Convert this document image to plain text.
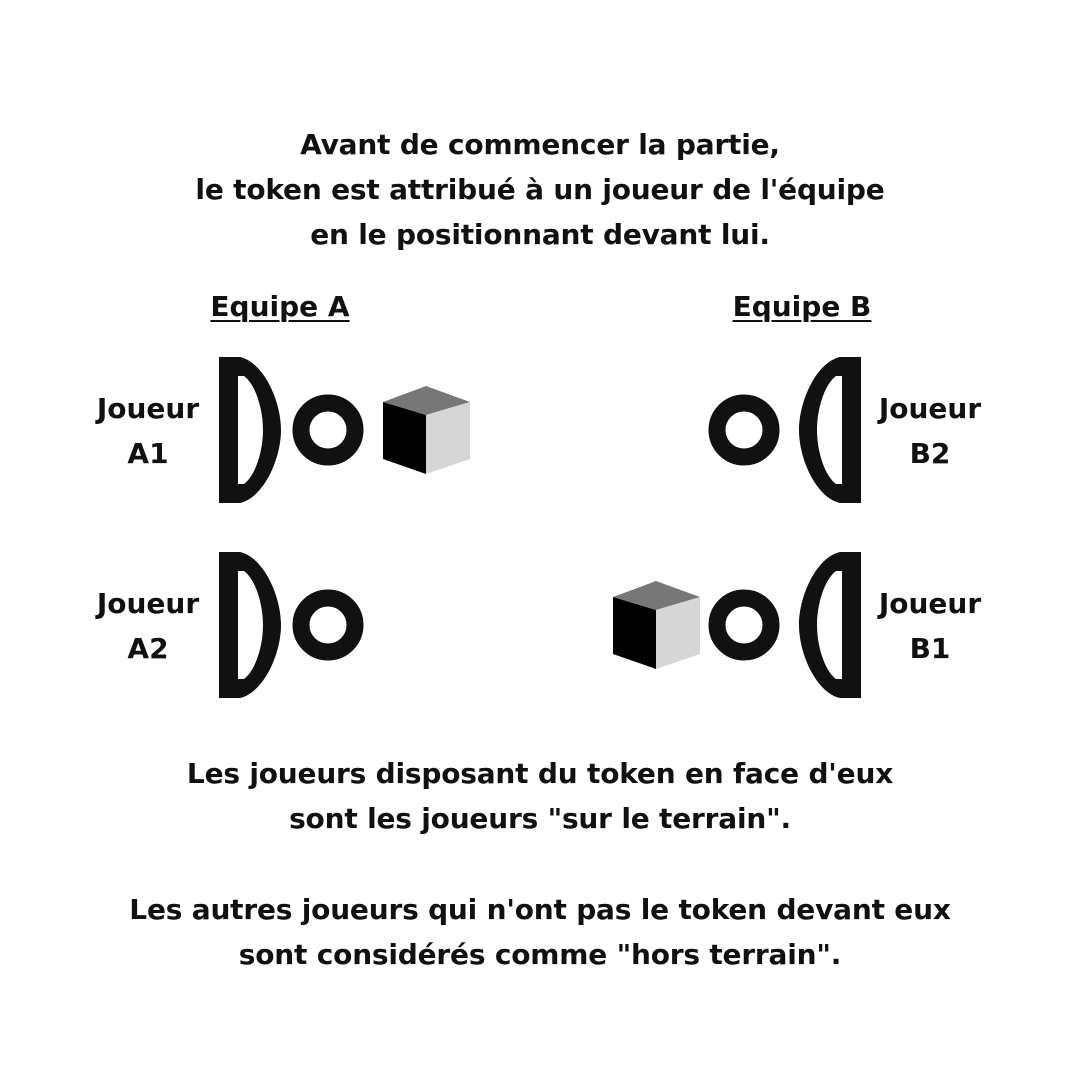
Avant de commencer la partie,
le token est attribué à un joueur de l'équipe
en le positionnant devant lui.
Equipe A	Equipe B
Joueur
A1
Joueur
A2
Joueur
B2
Joueur
B1
Les joueurs disposant du token en face d'eux
sont les joueurs "sur le terrain".
Les autres joueurs qui n'ont pas le token devant eux
sont considérés comme "hors terrain".
